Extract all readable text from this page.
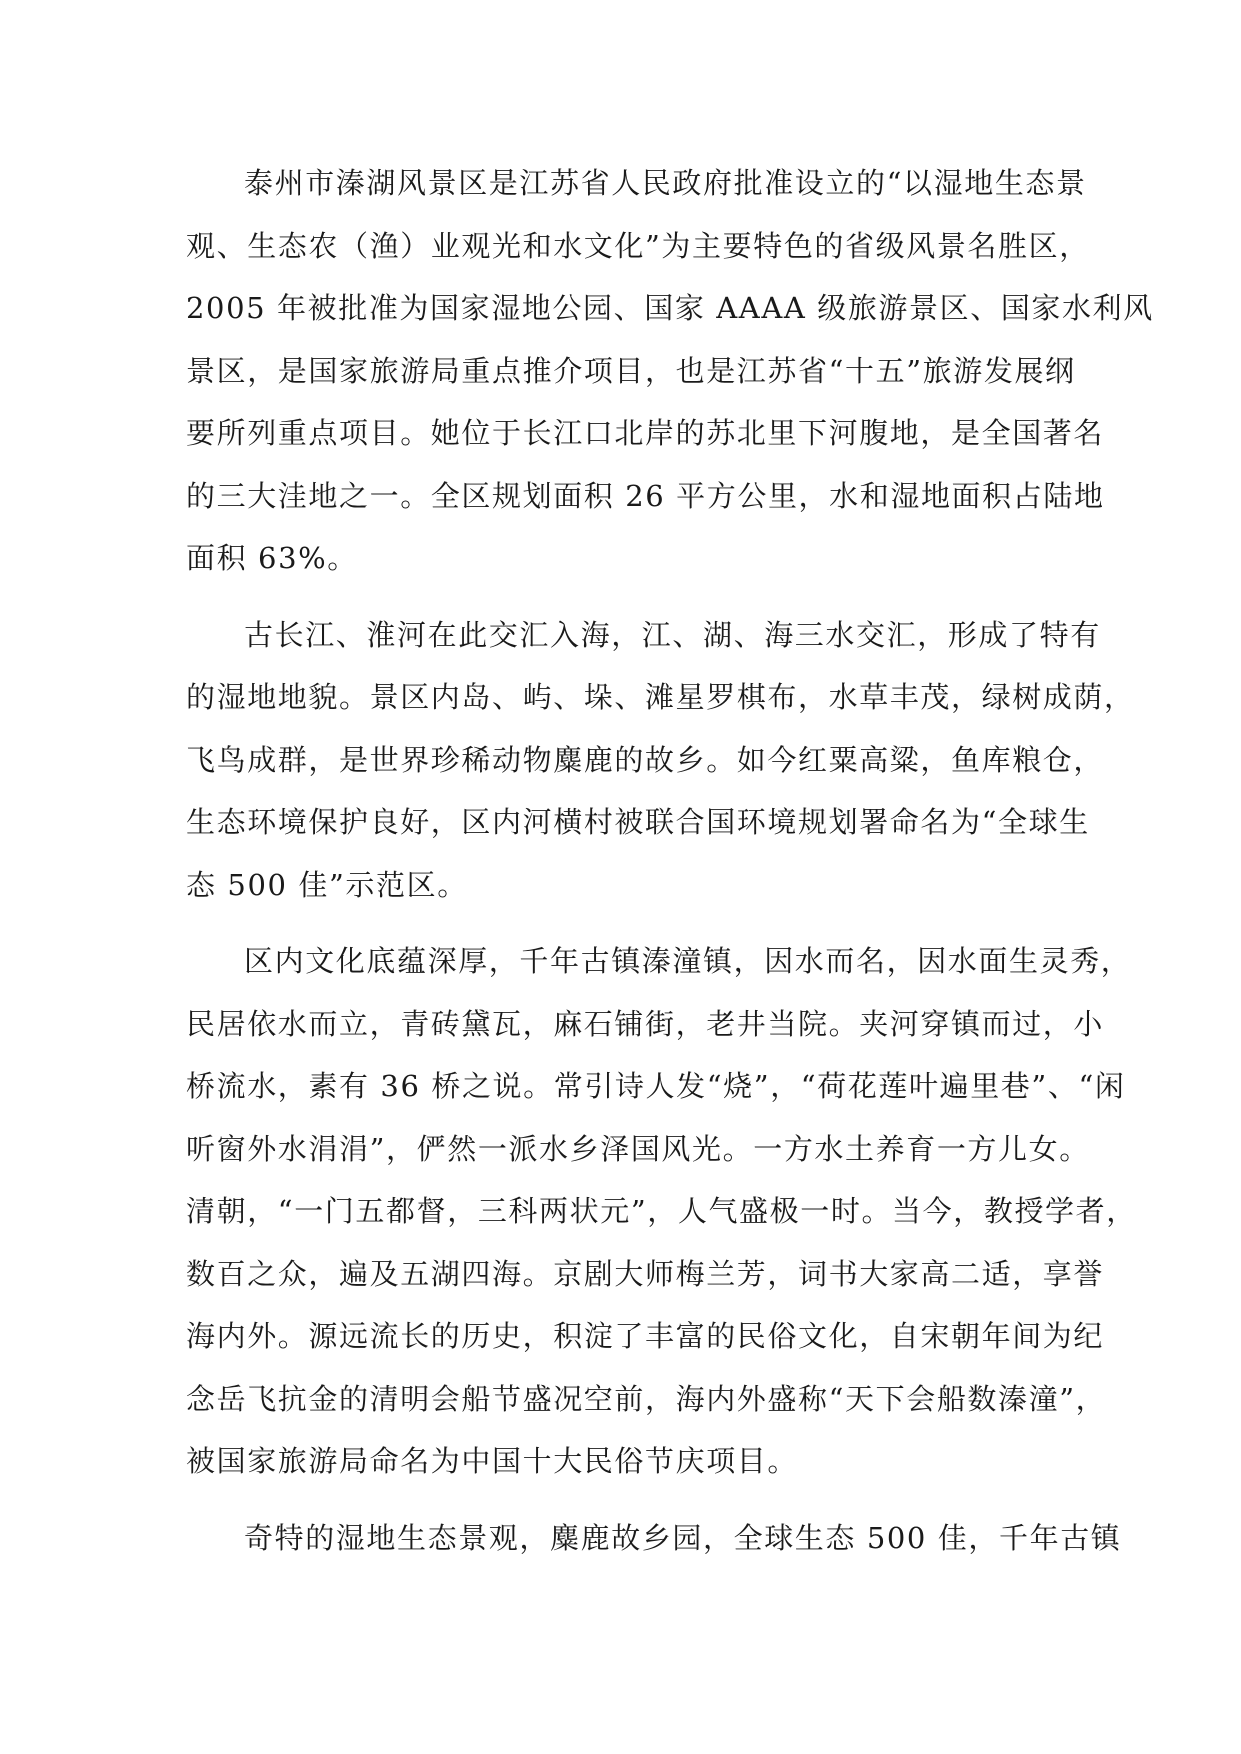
泰州市溱湖风景区是江苏省人民政府批准设立的“以湿地生态景
观、生态农（渔）业观光和水文化”为主要特色的省级风景名胜区，
2005 年被批准为国家湿地公园、国家 AAAA 级旅游景区、国家水利风
景区，是国家旅游局重点推介项目，也是江苏省“十五”旅游发展纲
要所列重点项目。她位于长江口北岸的苏北里下河腹地，是全国著名
的三大洼地之一。全区规划面积 26 平方公里，水和湿地面积占陆地
面积 63%。
古长江、淮河在此交汇入海，江、湖、海三水交汇，形成了特有
的湿地地貌。景区内岛、屿、垛、滩星罗棋布，水草丰茂，绿树成荫，
飞鸟成群，是世界珍稀动物麋鹿的故乡。如今红粟高粱，鱼库粮仓，
生态环境保护良好，区内河横村被联合国环境规划署命名为“全球生
态 500 佳”示范区。
区内文化底蕴深厚，千年古镇溱潼镇，因水而名，因水面生灵秀，
民居依水而立，青砖黛瓦，麻石铺街，老井当院。夹河穿镇而过，小
桥流水，素有 36 桥之说。常引诗人发“烧”，“荷花莲叶遍里巷”、“闲
听窗外水涓涓”，俨然一派水乡泽国风光。一方水土养育一方儿女。
清朝，“一门五都督，三科两状元”，人气盛极一时。当今，教授学者，
数百之众，遍及五湖四海。京剧大师梅兰芳，词书大家高二适，享誉
海内外。源远流长的历史，积淀了丰富的民俗文化，自宋朝年间为纪
念岳飞抗金的清明会船节盛况空前，海内外盛称“天下会船数溱潼”，
被国家旅游局命名为中国十大民俗节庆项目。
奇特的湿地生态景观，麋鹿故乡园，全球生态 500 佳，千年古镇
